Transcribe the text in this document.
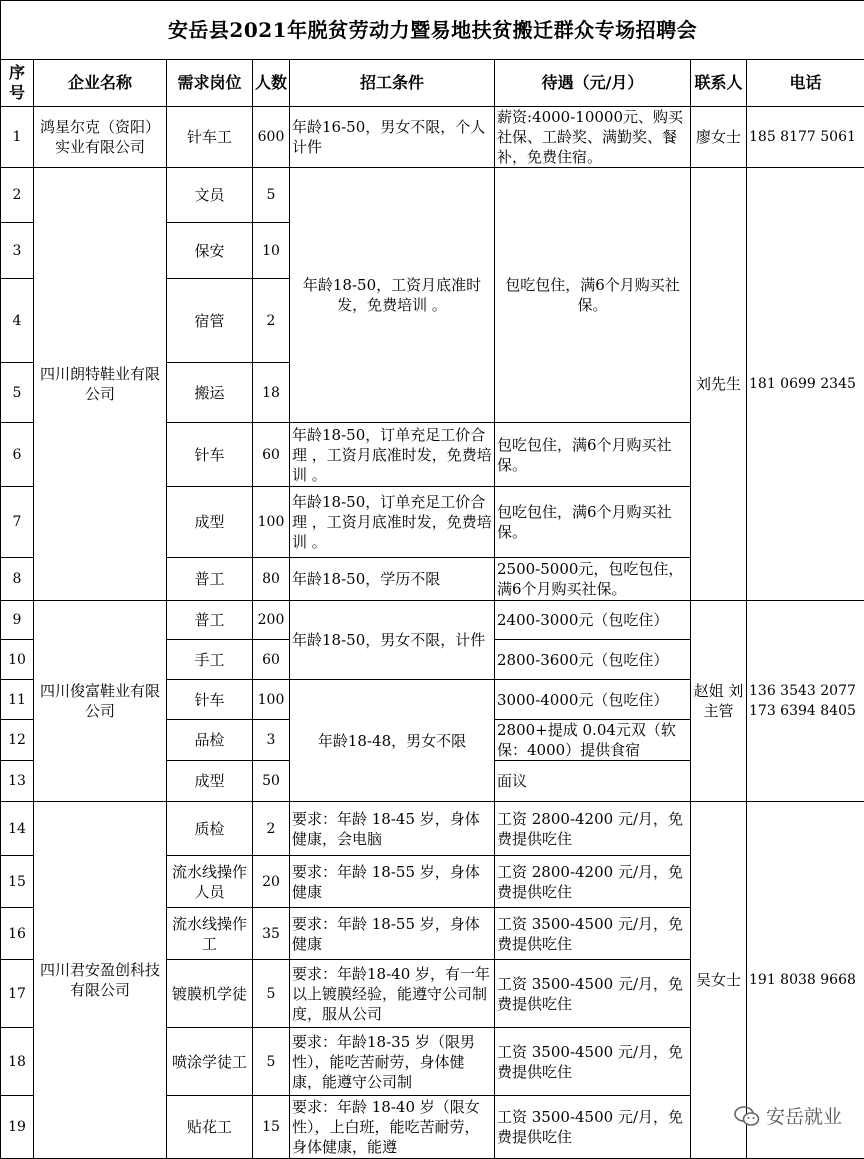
安岳县2021年脱贫劳动力暨易地扶贫搬迁群众专场招聘会							
序号	企业名称	需求岗位	人数	招工条件	待遇（元/月）	联系人	电话
1	鸿星尔克（资阳）实业有限公司	针车工	600	年龄16-50，男女不限，个人计件	薪资:4000-10000元、购买社保、工龄奖、满勤奖、餐补，免费住宿。	廖女士	185 8177 5061
2	四川朗特鞋业有限公司	文员	5	年龄18-50，工资月底准时发，免费培训 。	包吃包住，满6个月购买社保。	刘先生	181 0699 2345
3		保安	10				
4		宿管	2				
5		搬运	18				
6		针车	60	年龄18-50，订单充足工价合理 ，工资月底准时发，免费培训 。	包吃包住，满6个月购买社保。		
7		成型	100	年龄18-50，订单充足工价合理 ，工资月底准时发，免费培训 。	包吃包住，满6个月购买社保。		
8		普工	80	年龄18-50，学历不限	2500-5000元，包吃包住，满6个月购买社保。		
9	四川俊富鞋业有限公司	普工	200	年龄18-50，男女不限，计件	2400-3000元（包吃住）	赵姐 刘主管	136 3543 2077 173 6394 8405
10		手工	60		2800-3600元（包吃住）		
11		针车	100	年龄18-48，男女不限	3000-4000元（包吃住）		
12		品检	3		2800+提成 0.04元双（软保：4000）提供食宿		
13		成型	50		面议		
14	四川君安盈创科技有限公司	质检	2	要求：年龄 18-45 岁，身体健康，会电脑	工资 2800-4200 元/月，免费提供吃住	吴女士	191 8038 9668
15		流水线操作人员	20	要求：年龄 18-55 岁，身体健康	工资 2800-4200 元/月，免费提供吃住		
16		流水线操作工	35	要求：年龄 18-55 岁，身体健康	工资 3500-4500 元/月，免费提供吃住		
17		镀膜机学徒	5	要求：年龄18-40 岁，有一年以上镀膜经验，能遵守公司制度，服从公司	工资 3500-4500 元/月，免费提供吃住		
18		喷涂学徒工	5	要求：年龄18-35 岁（限男性），能吃苦耐劳，身体健康，能遵守公司制	工资 3500-4500 元/月，免费提供吃住		
19		贴花工	15	要求：年龄 18-40 岁（限女性），上白班，能吃苦耐劳，身体健康，能遵	工资 3500-4500 元/月，免费提供吃住		
安岳就业
